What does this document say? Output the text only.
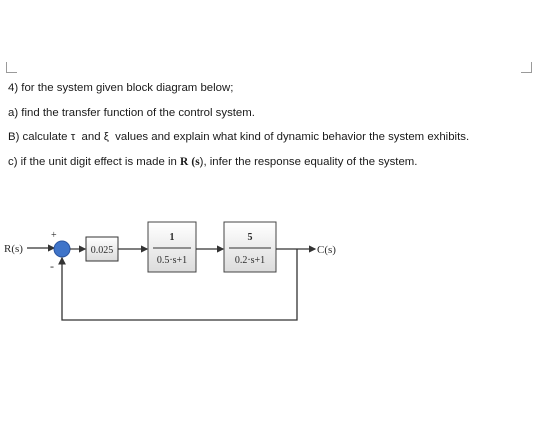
4) for the system given block diagram below;
a) find the transfer function of the control system.
B) calculate τ and ξ values and explain what kind of dynamic behavior the system exhibits.
c) if the unit digit effect is made in R (s), infer the response equality of the system.
R(s)
+
-
0.025
1
0.5·s+1
5
0.2·s+1
C(s)
